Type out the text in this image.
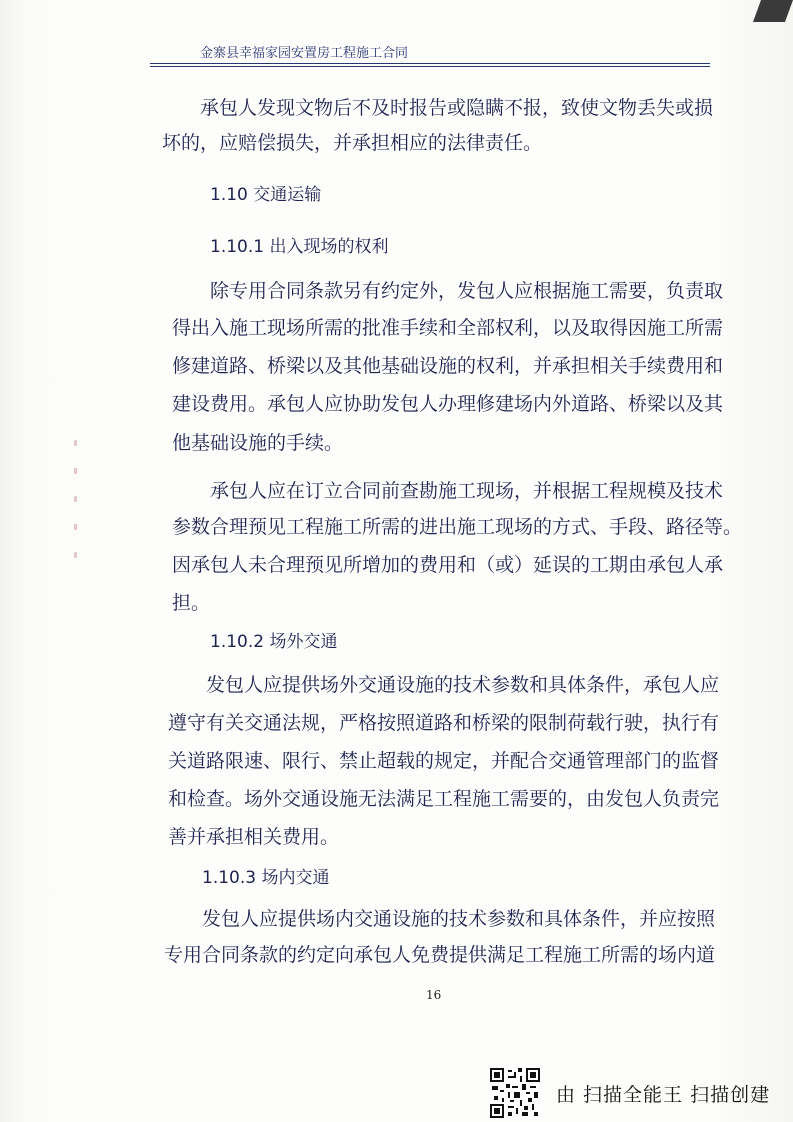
金寨县幸福家园安置房工程施工合同
承包人发现文物后不及时报告或隐瞒不报，致使文物丢失或损
坏的，应赔偿损失，并承担相应的法律责任。
1.10 交通运输
1.10.1 出入现场的权利
除专用合同条款另有约定外，发包人应根据施工需要，负责取
得出入施工现场所需的批准手续和全部权利，以及取得因施工所需
修建道路、桥梁以及其他基础设施的权利，并承担相关手续费用和
建设费用。承包人应协助发包人办理修建场内外道路、桥梁以及其
他基础设施的手续。
承包人应在订立合同前查勘施工现场，并根据工程规模及技术
参数合理预见工程施工所需的进出施工现场的方式、手段、路径等。
因承包人未合理预见所增加的费用和（或）延误的工期由承包人承
担。
1.10.2 场外交通
发包人应提供场外交通设施的技术参数和具体条件，承包人应
遵守有关交通法规，严格按照道路和桥梁的限制荷载行驶，执行有
关道路限速、限行、禁止超载的规定，并配合交通管理部门的监督
和检查。场外交通设施无法满足工程施工需要的，由发包人负责完
善并承担相关费用。
1.10.3 场内交通
发包人应提供场内交通设施的技术参数和具体条件，并应按照
专用合同条款的约定向承包人免费提供满足工程施工所需的场内道
16
由 扫描全能王 扫描创建
